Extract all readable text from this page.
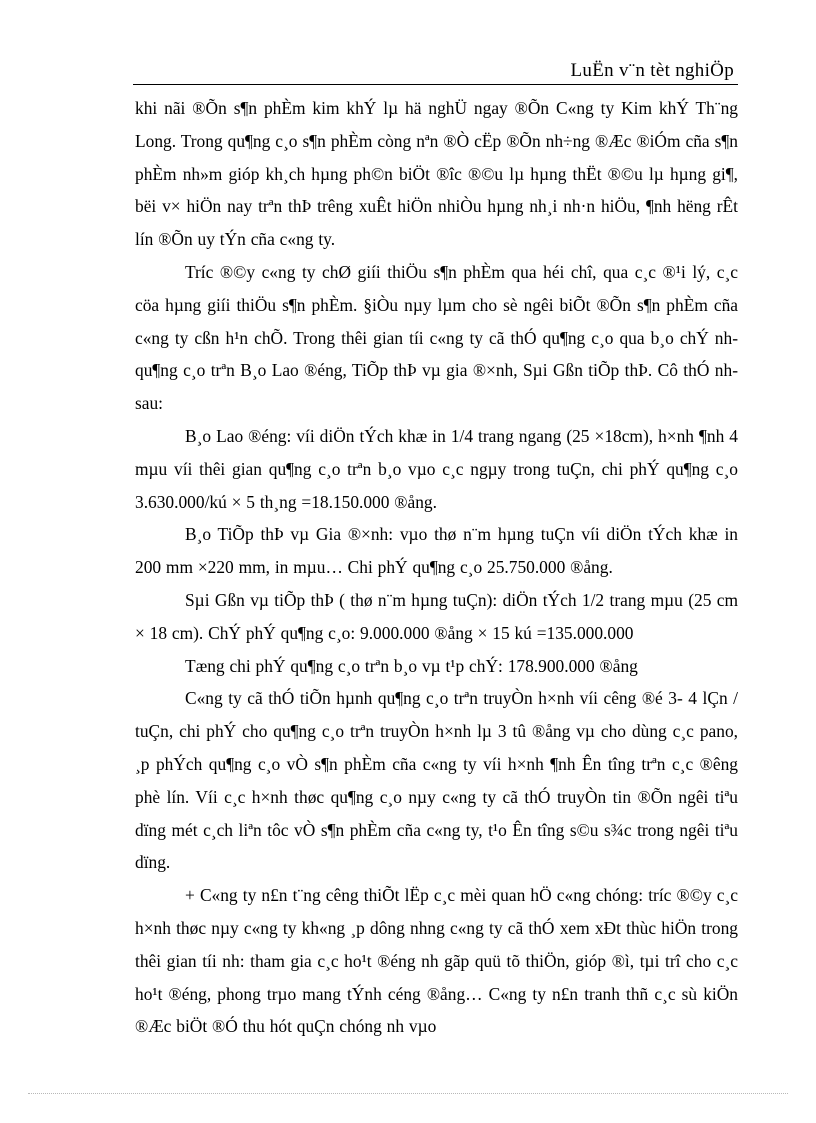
LuËn v¨n tèt nghiÖp

khi nãi ®Õn s¶n phÈm kim khÝ lµ hä nghÜ ngay ®Õn C«ng ty Kim khÝ Th¨ng Long. Trong qu¶ng c¸o s¶n phÈm còng nªn ®Ò cËp ®Õn nh÷ng ®Æc ®iÓm cña s¶n phÈm nh»m gióp kh¸ch hµng ph©n biÖt ®îc ®©u lµ hµng thËt ®©u lµ hµng gi¶, bëi v× hiÖn nay trªn thÞ trêng xuÊt hiÖn nhiÒu hµng nh¸i nh·n hiÖu, ¶nh hëng rÊt lín ®Õn uy tÝn cña c«ng ty.

Tríc ®©y c«ng ty chØ giíi thiÖu s¶n phÈm qua héi chî, qua c¸c ®¹i lý, c¸c cöa hµng giíi thiÖu s¶n phÈm. §iÒu nµy lµm cho sè ngêi biÕt ®Õn s¶n phÈm cña c«ng ty cßn h¹n chÕ. Trong thêi gian tíi c«ng ty cã thÓ qu¶ng c¸o qua b¸o chÝ nh qu¶ng c¸o trªn B¸o Lao ®éng, TiÕp thÞ vµ gia ®×nh, Sµi Gßn tiÕp thÞ. Cô thÓ nh sau:

B¸o Lao ®éng: víi diÖn tÝch khæ in 1/4 trang ngang (25 ×18cm), h×nh ¶nh 4 mµu víi thêi gian qu¶ng c¸o trªn b¸o vµo c¸c ngµy trong tuÇn, chi phÝ qu¶ng c¸o 3.630.000/kú × 5 th¸ng =18.150.000 ®ång.

B¸o TiÕp thÞ vµ Gia ®×nh: vµo thø n¨m hµng tuÇn víi diÖn tÝch khæ in 200 mm ×220 mm, in mµu… Chi phÝ qu¶ng c¸o 25.750.000 ®ång.

Sµi Gßn vµ tiÕp thÞ ( thø n¨m hµng tuÇn): diÖn tÝch 1/2 trang mµu (25 cm × 18 cm). ChÝ phÝ qu¶ng c¸o: 9.000.000 ®ång × 15 kú =135.000.000

Tæng chi phÝ qu¶ng c¸o trªn b¸o vµ t¹p chÝ: 178.900.000 ®ång

C«ng ty cã thÓ tiÕn hµnh qu¶ng c¸o trªn truyÒn h×nh víi cêng ®é 3- 4 lÇn / tuÇn, chi phÝ cho qu¶ng c¸o trªn truyÒn h×nh lµ 3 tû ®ång vµ cho dùng c¸c pano, ¸p phÝch qu¶ng c¸o vÒ s¶n phÈm cña c«ng ty víi h×nh ¶nh Ên tîng trªn c¸c ®êng phè lín. Víi c¸c h×nh thøc qu¶ng c¸o nµy c«ng ty cã thÓ truyÒn tin ®Õn ngêi tiªu dïng mét c¸ch liªn tôc vÒ s¶n phÈm cña c«ng ty, t¹o Ên tîng s©u s¾c trong ngêi tiªu dïng.

+ C«ng ty n£n t¨ng cêng thiÕt lËp c¸c mèi quan hÖ c«ng chóng: tríc ®©y c¸c h×nh thøc nµy c«ng ty kh«ng ¸p dông nhng c«ng ty cã thÓ xem xÐt thùc hiÖn trong thêi gian tíi nh: tham gia c¸c ho¹t ®éng nh gãp quü tõ thiÖn, gióp ®ì, tµi trî cho c¸c ho¹t ®éng, phong trµo mang tÝnh céng ®ång… C«ng ty n£n tranh thñ c¸c sù kiÖn ®Æc biÖt ®Ó thu hót quÇn chóng nh vµo
